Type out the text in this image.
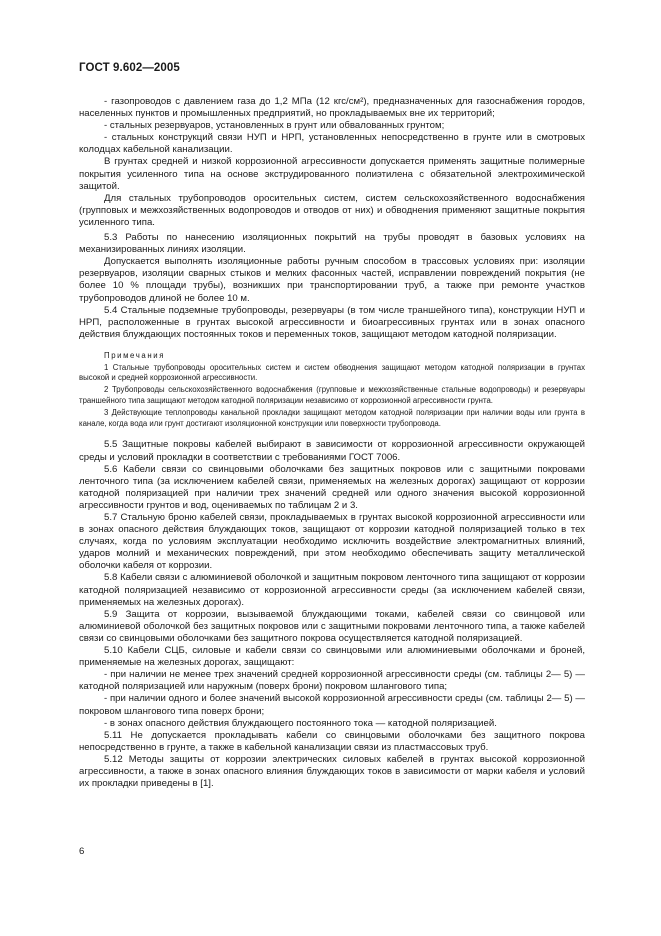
ГОСТ 9.602—2005

- газопроводов с давлением газа до 1,2 МПа (12 кгс/см²), предназначенных для газоснабжения городов, населенных пунктов и промышленных предприятий, но прокладываемых вне их территорий;

- стальных резервуаров, установленных в грунт или обвалованных грунтом;

- стальных конструкций связи НУП и НРП, установленных непосредственно в грунте или в смотровых колодцах кабельной канализации.

В грунтах средней и низкой коррозионной агрессивности допускается применять защитные полимерные покрытия усиленного типа на основе экструдированного полиэтилена с обязательной электрохимической защитой.

Для стальных трубопроводов оросительных систем, систем сельскохозяйственного водоснабжения (групповых и межхозяйственных водопроводов и отводов от них) и обводнения применяют защитные покрытия усиленного типа.

5.3 Работы по нанесению изоляционных покрытий на трубы проводят в базовых условиях на механизированных линиях изоляции.

Допускается выполнять изоляционные работы ручным способом в трассовых условиях при: изоляции резервуаров, изоляции сварных стыков и мелких фасонных частей, исправлении повреждений покрытия (не более 10 % площади трубы), возникших при транспортировании труб, а также при ремонте участков трубопроводов длиной не более 10 м.

5.4 Стальные подземные трубопроводы, резервуары (в том числе траншейного типа), конструкции НУП и НРП, расположенные в грунтах высокой агрессивности и биоагрессивных грунтах или в зонах опасного действия блуждающих постоянных токов и переменных токов, защищают методом катодной поляризации.

Примечания

1 Стальные трубопроводы оросительных систем и систем обводнения защищают методом катодной поляризации в грунтах высокой и средней коррозионной агрессивности.

2 Трубопроводы сельскохозяйственного водоснабжения (групповые и межхозяйственные стальные водопроводы) и резервуары траншейного типа защищают методом катодной поляризации независимо от коррозионной агрессивности грунта.

3 Действующие теплопроводы канальной прокладки защищают методом катодной поляризации при наличии воды или грунта в канале, когда вода или грунт достигают изоляционной конструкции или поверхности трубопровода.

5.5 Защитные покровы кабелей выбирают в зависимости от коррозионной агрессивности окружающей среды и условий прокладки в соответствии с требованиями ГОСТ 7006.

5.6 Кабели связи со свинцовыми оболочками без защитных покровов или с защитными покровами ленточного типа (за исключением кабелей связи, применяемых на железных дорогах) защищают от коррозии катодной поляризацией при наличии трех значений средней или одного значения высокой коррозионной агрессивности грунтов и вод, оцениваемых по таблицам 2 и 3.

5.7 Стальную броню кабелей связи, прокладываемых в грунтах высокой коррозионной агрессивности или в зонах опасного действия блуждающих токов, защищают от коррозии катодной поляризацией только в тех случаях, когда по условиям эксплуатации необходимо исключить воздействие электромагнитных влияний, ударов молний и механических повреждений, при этом необходимо обеспечивать защиту металлической оболочки кабеля от коррозии.

5.8 Кабели связи с алюминиевой оболочкой и защитным покровом ленточного типа защищают от коррозии катодной поляризацией независимо от коррозионной агрессивности среды (за исключением кабелей связи, применяемых на железных дорогах).

5.9 Защита от коррозии, вызываемой блуждающими токами, кабелей связи со свинцовой или алюминиевой оболочкой без защитных покровов или с защитными покровами ленточного типа, а также кабелей связи со свинцовыми оболочками без защитного покрова осуществляется катодной поляризацией.

5.10 Кабели СЦБ, силовые и кабели связи со свинцовыми или алюминиевыми оболочками и броней, применяемые на железных дорогах, защищают:

- при наличии не менее трех значений средней коррозионной агрессивности среды (см. таблицы 2— 5) — катодной поляризацией или наружным (поверх брони) покровом шлангового типа;

- при наличии одного и более значений высокой коррозионной агрессивности среды (см. таблицы 2— 5) — покровом шлангового типа поверх брони;

- в зонах опасного действия блуждающего постоянного тока — катодной поляризацией.

5.11 Не допускается прокладывать кабели со свинцовыми оболочками без защитного покрова непосредственно в грунте, а также в кабельной канализации связи из пластмассовых труб.

5.12 Методы защиты от коррозии электрических силовых кабелей в грунтах высокой коррозионной агрессивности, а также в зонах опасного влияния блуждающих токов в зависимости от марки кабеля и условий их прокладки приведены в [1].

6
